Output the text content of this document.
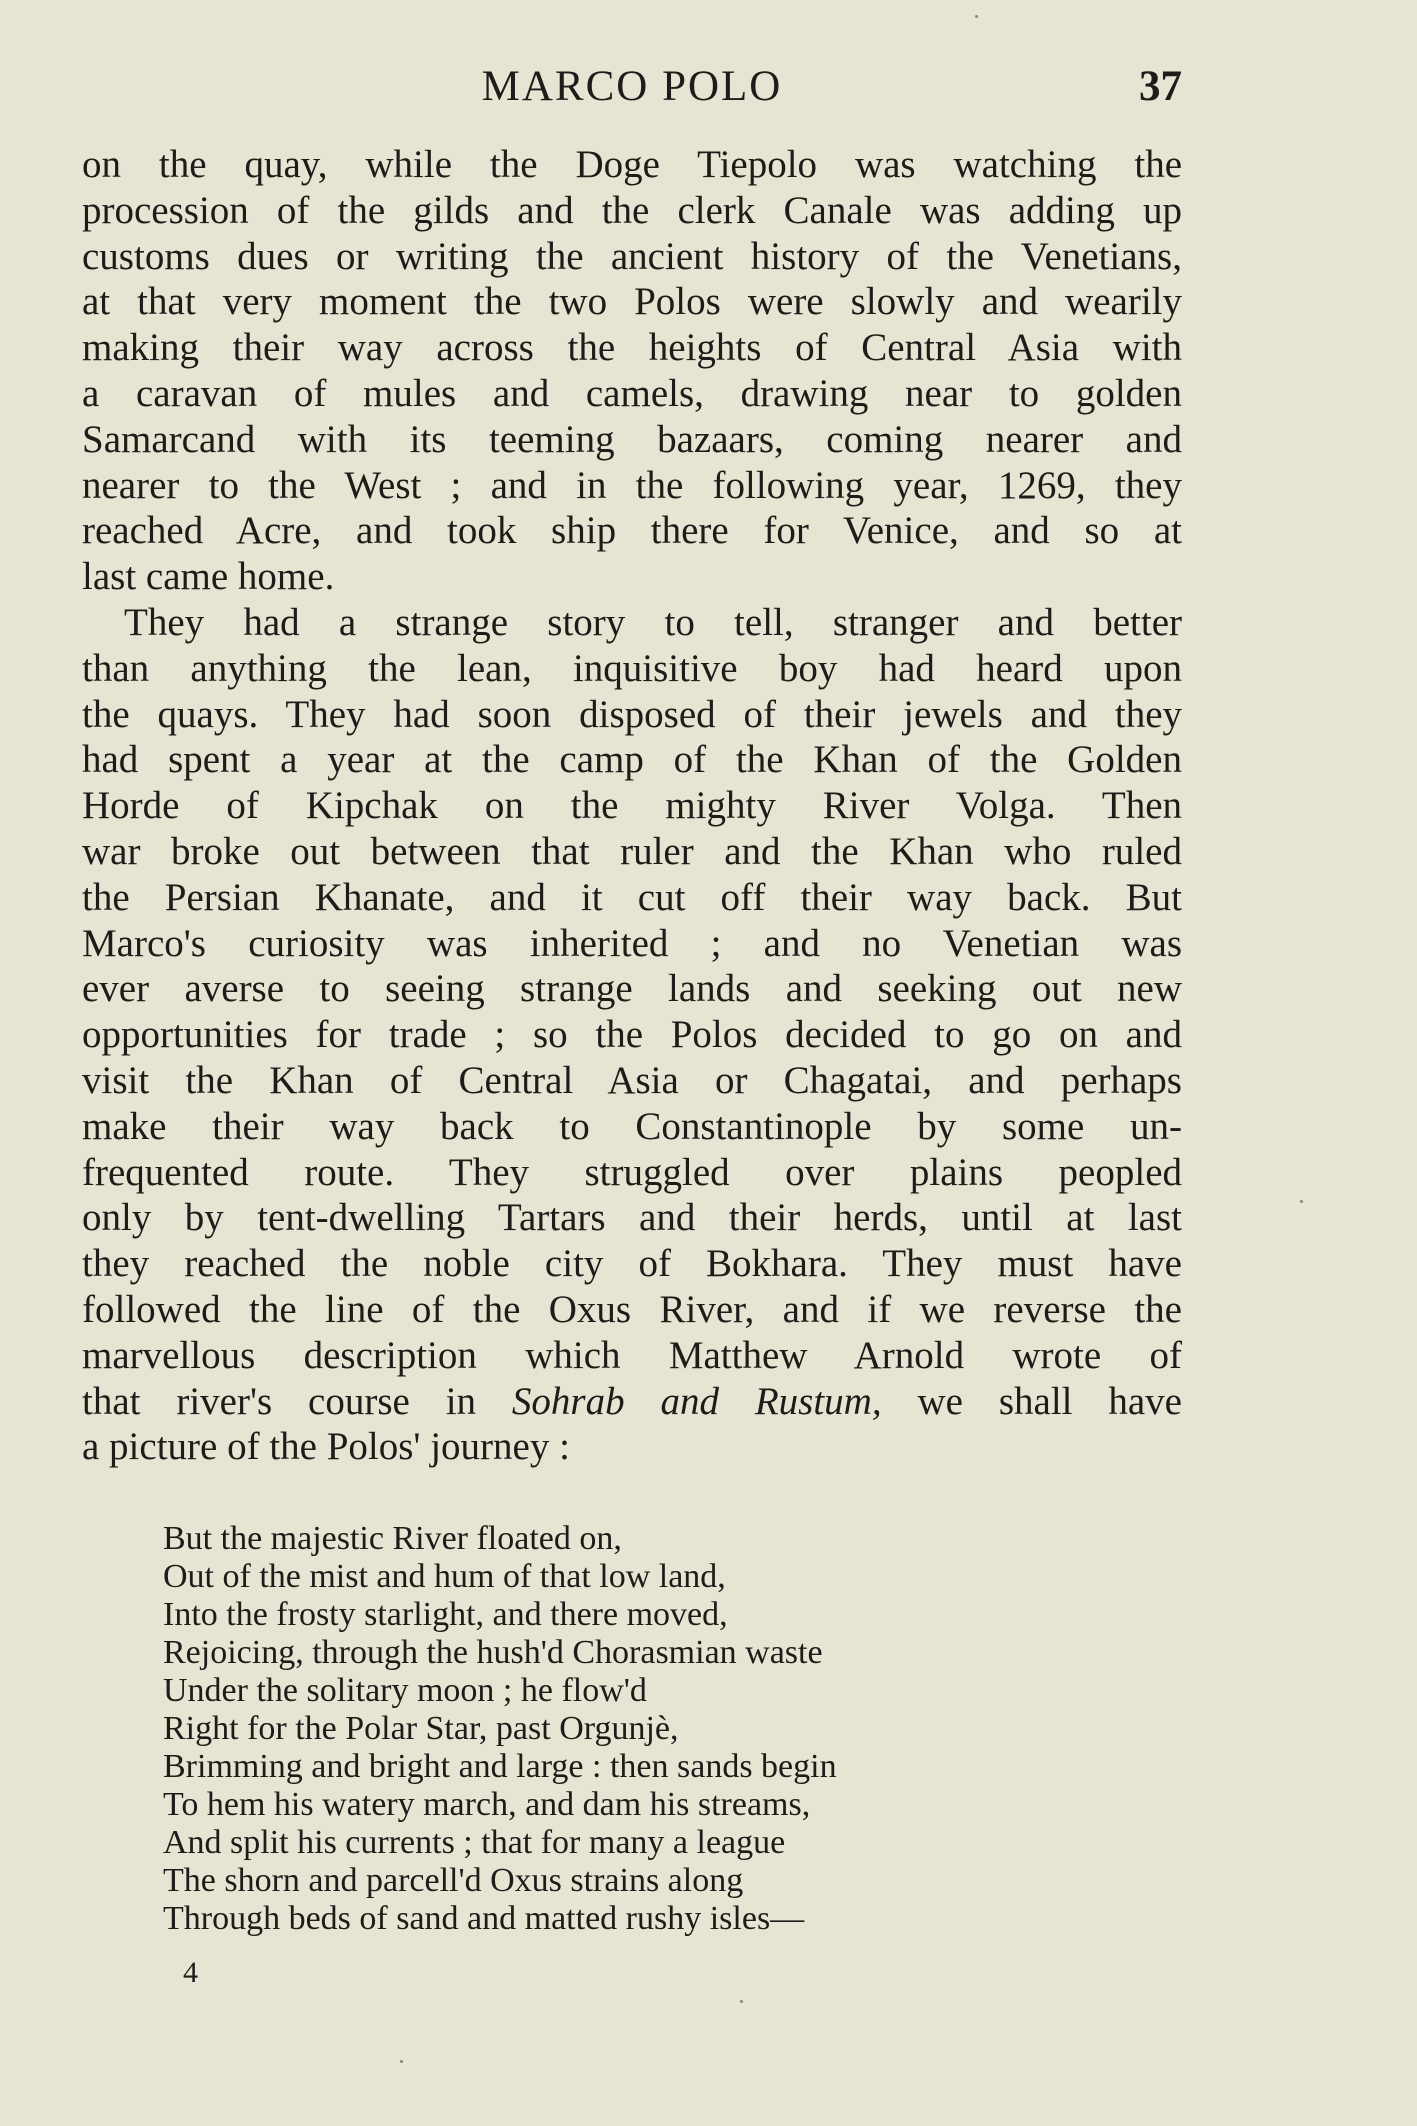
MARCO POLO	37
on the quay, while the Doge Tiepolo was watching the
procession of the gilds and the clerk Canale was adding up
customs dues or writing the ancient history of the Venetians,
at that very moment the two Polos were slowly and wearily
making their way across the heights of Central Asia with
a caravan of mules and camels, drawing near to golden
Samarcand with its teeming bazaars, coming nearer and
nearer to the West ; and in the following year, 1269, they
reached Acre, and took ship there for Venice, and so at
last came home.
They had a strange story to tell, stranger and better
than anything the lean, inquisitive boy had heard upon
the quays. They had soon disposed of their jewels and they
had spent a year at the camp of the Khan of the Golden
Horde of Kipchak on the mighty River Volga. Then
war broke out between that ruler and the Khan who ruled
the Persian Khanate, and it cut off their way back. But
Marco's curiosity was inherited ; and no Venetian was
ever averse to seeing strange lands and seeking out new
opportunities for trade ; so the Polos decided to go on and
visit the Khan of Central Asia or Chagatai, and perhaps
make their way back to Constantinople by some un-
frequented route. They struggled over plains peopled
only by tent-dwelling Tartars and their herds, until at last
they reached the noble city of Bokhara. They must have
followed the line of the Oxus River, and if we reverse the
marvellous description which Matthew Arnold wrote of
that river's course in Sohrab and Rustum, we shall have
a picture of the Polos' journey :
But the majestic River floated on,
Out of the mist and hum of that low land,
Into the frosty starlight, and there moved,
Rejoicing, through the hush'd Chorasmian waste
Under the solitary moon ; he flow'd
Right for the Polar Star, past Orgunjè,
Brimming and bright and large : then sands begin
To hem his watery march, and dam his streams,
And split his currents ; that for many a league
The shorn and parcell'd Oxus strains along
Through beds of sand and matted rushy isles—
4
